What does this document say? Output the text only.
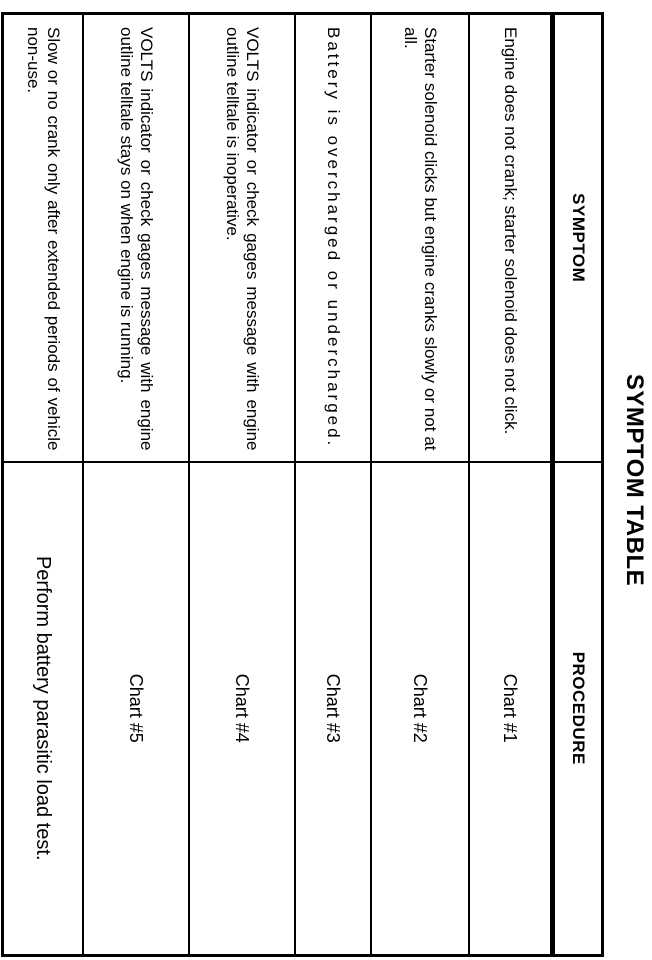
SYMPTOM TABLE
SYMPTOM	PROCEDURE
Engine does not crank; starter solenoid does not click.	Chart #1
Starter solenoid clicks but engine cranks slowly or not at all.	Chart #2
Battery is overcharged or undercharged.	Chart #3
VOLTS indicator or check gages message with engine outline telltale is inoperative.	Chart #4
VOLTS indicator or check gages message with engine outline telltale stays on when engine is running.	Chart #5
Slow or no crank only after extended periods of vehicle non-use.	Perform battery parasitic load test.
